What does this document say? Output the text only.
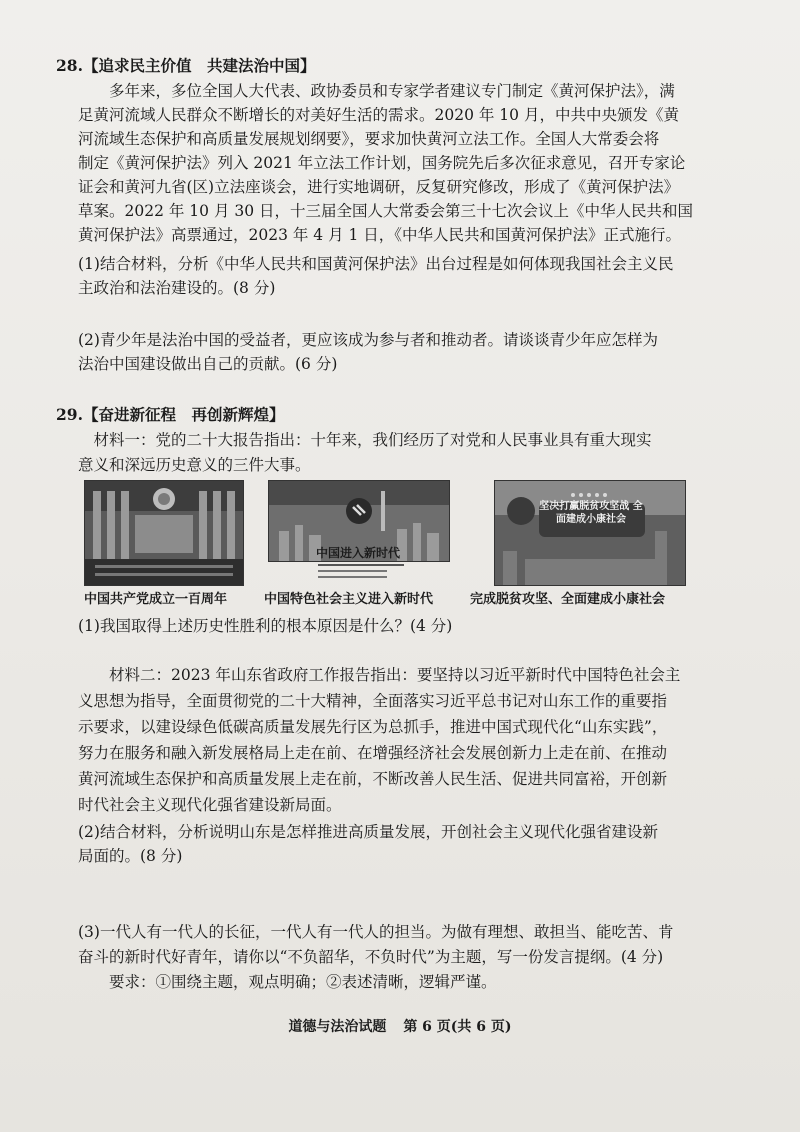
28.【追求民主价值　共建法治中国】
　　多年来，多位全国人大代表、政协委员和专家学者建议专门制定《黄河保护法》，满
足黄河流域人民群众不断增长的对美好生活的需求。2020 年 10 月，中共中央颁发《黄
河流域生态保护和高质量发展规划纲要》，要求加快黄河立法工作。全国人大常委会将
制定《黄河保护法》列入 2021 年立法工作计划，国务院先后多次征求意见，召开专家论
证会和黄河九省(区)立法座谈会，进行实地调研，反复研究修改，形成了《黄河保护法》
草案。2022 年 10 月 30 日，十三届全国人大常委会第三十七次会议上《中华人民共和国
黄河保护法》高票通过，2023 年 4 月 1 日，《中华人民共和国黄河保护法》正式施行。
(1)结合材料，分析《中华人民共和国黄河保护法》出台过程是如何体现我国社会主义民
主政治和法治建设的。(8 分)
(2)青少年是法治中国的受益者，更应该成为参与者和推动者。请谈谈青少年应怎样为
法治中国建设做出自己的贡献。(6 分)
29.【奋进新征程　再创新辉煌】
　材料一：党的二十大报告指出：十年来，我们经历了对党和人民事业具有重大现实
意义和深远历史意义的三件大事。
中国进入新时代
坚决打赢脱贫攻坚战 全面建成小康社会
中国共产党成立一百周年	中国特色社会主义进入新时代	完成脱贫攻坚、全面建成小康社会
(1)我国取得上述历史性胜利的根本原因是什么？(4 分)
　　材料二：2023 年山东省政府工作报告指出：要坚持以习近平新时代中国特色社会主
义思想为指导，全面贯彻党的二十大精神，全面落实习近平总书记对山东工作的重要指
示要求，以建设绿色低碳高质量发展先行区为总抓手，推进中国式现代化“山东实践”，
努力在服务和融入新发展格局上走在前、在增强经济社会发展创新力上走在前、在推动
黄河流域生态保护和高质量发展上走在前，不断改善人民生活、促进共同富裕，开创新
时代社会主义现代化强省建设新局面。
(2)结合材料，分析说明山东是怎样推进高质量发展，开创社会主义现代化强省建设新
局面的。(8 分)
(3)一代人有一代人的长征，一代人有一代人的担当。为做有理想、敢担当、能吃苦、肯
奋斗的新时代好青年，请你以“不负韶华，不负时代”为主题，写一份发言提纲。(4 分)
　　要求：①围绕主题，观点明确；②表述清晰，逻辑严谨。
道德与法治试题 第 6 页(共 6 页)
